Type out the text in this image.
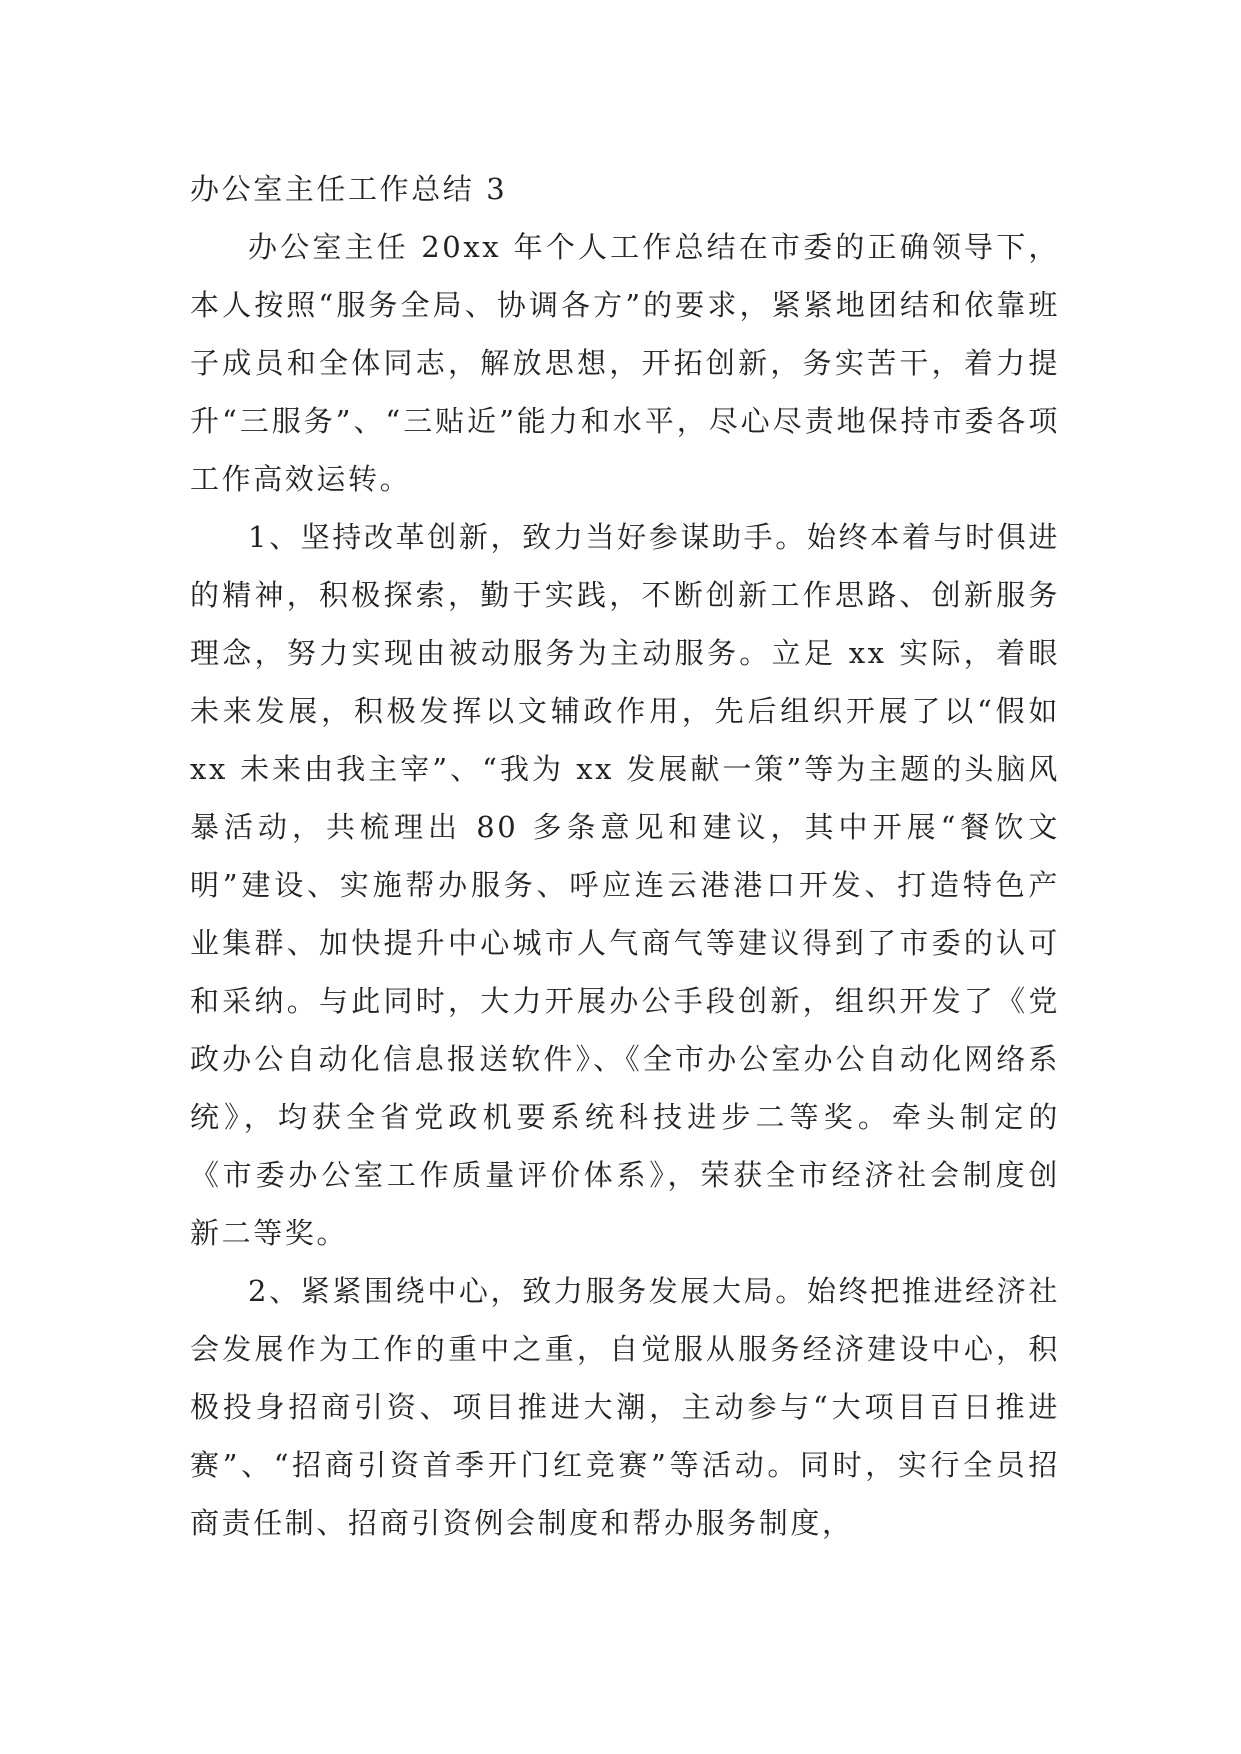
办公室主任工作总结 3

办公室主任 20xx 年个人工作总结在市委的正确领导下，本人按照“服务全局、协调各方”的要求，紧紧地团结和依靠班子成员和全体同志，解放思想，开拓创新，务实苦干，着力提升“三服务”、“三贴近”能力和水平，尽心尽责地保持市委各项工作高效运转。

1、坚持改革创新，致力当好参谋助手。始终本着与时俱进的精神，积极探索，勤于实践，不断创新工作思路、创新服务理念，努力实现由被动服务为主动服务。立足 xx 实际，着眼未来发展，积极发挥以文辅政作用，先后组织开展了以“假如 xx 未来由我主宰”、“我为 xx 发展献一策”等为主题的头脑风暴活动，共梳理出 80 多条意见和建议，其中开展“餐饮文明”建设、实施帮办服务、呼应连云港港口开发、打造特色产业集群、加快提升中心城市人气商气等建议得到了市委的认可和采纳。与此同时，大力开展办公手段创新，组织开发了《党政办公自动化信息报送软件》、《全市办公室办公自动化网络系统》，均获全省党政机要系统科技进步二等奖。牵头制定的《市委办公室工作质量评价体系》，荣获全市经济社会制度创新二等奖。

2、紧紧围绕中心，致力服务发展大局。始终把推进经济社会发展作为工作的重中之重，自觉服从服务经济建设中心，积极投身招商引资、项目推进大潮，主动参与“大项目百日推进赛”、“招商引资首季开门红竞赛”等活动。同时，实行全员招商责任制、招商引资例会制度和帮办服务制度，
